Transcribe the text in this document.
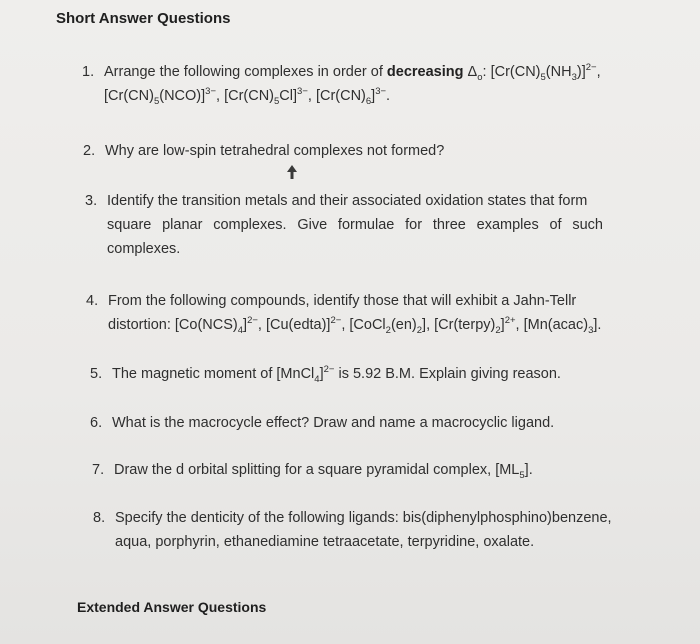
Short Answer Questions
1. Arrange the following complexes in order of decreasing $\Delta_o$: $[Cr(CN)_5(NH_3)]^{2-}$,
$[Cr(CN)_5(NCO)]^{3-}$, $[Cr(CN)_5Cl]^{3-}$, $[Cr(CN)_6]^{3-}$.
2. Why are low-spin tetrahedral complexes not formed?
3. Identify the transition metals and their associated oxidation states that form
square planar complexes. Give formulae for three examples of such
complexes.
4. From the following compounds, identify those that will exhibit a Jahn-Tellr
distortion: $[Co(NCS)_4]^{2-}$, [Cu(edta)]$^{2-}$, $[CoCl_2(en)_2]$, $[Cr(terpy)_2]^{2+}$, $[Mn(acac)_3]$.
5. The magnetic moment of [MnCl$_4$]$^{2-}$ is 5.92 B.M. Explain giving reason.
6. What is the macrocycle effect? Draw and name a macrocyclic ligand.
7. Draw the d orbital splitting for a square pyramidal complex, $[ML_5]$.
8. Specify the denticity of the following ligands: bis(diphenylphosphino)benzene,
aqua, porphyrin, ethanediamine tetraacetate, terpyridine, oxalate.
Extended Answer Questions
